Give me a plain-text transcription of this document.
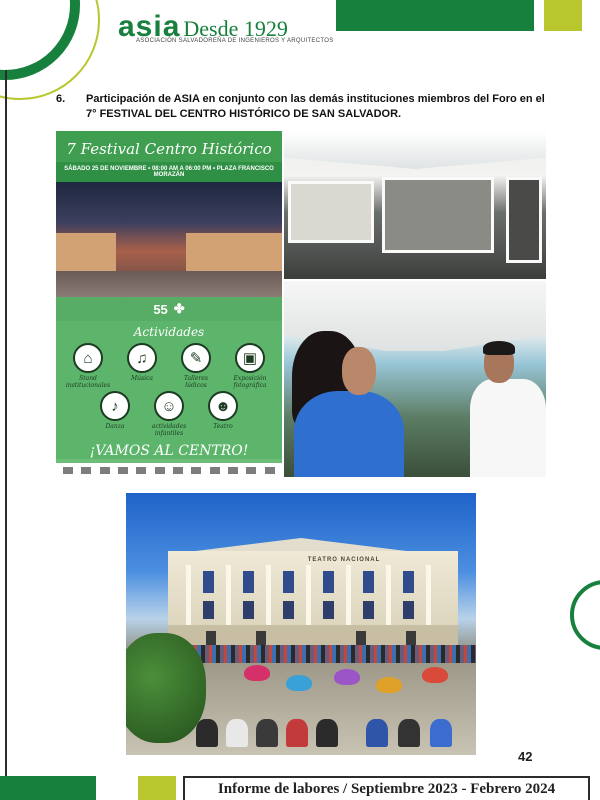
asia Desde 1929
ASOCIACIÓN SALVADOREÑA DE INGENIEROS Y ARQUITECTOS
6.	Participación de ASIA en conjunto con las demás instituciones miembros del Foro en el 7° FESTIVAL DEL CENTRO HISTÓRICO DE SAN SALVADOR.
7 Festival Centro Histórico
SÁBADO 25 DE NOVIEMBRE • 08:00 AM A 06:00 PM • PLAZA FRANCISCO MORAZÁN
55 ✤
Actividades
⌂
Stand institucionales
♫
Música
✎
Talleres lúdicos
▣
Exposición fotográfica
♪
Danza
☺
actividades infantiles
☻
Teatro
¡VAMOS AL CENTRO!
TEATRO NACIONAL
42
Informe de labores / Septiembre 2023 - Febrero 2024
